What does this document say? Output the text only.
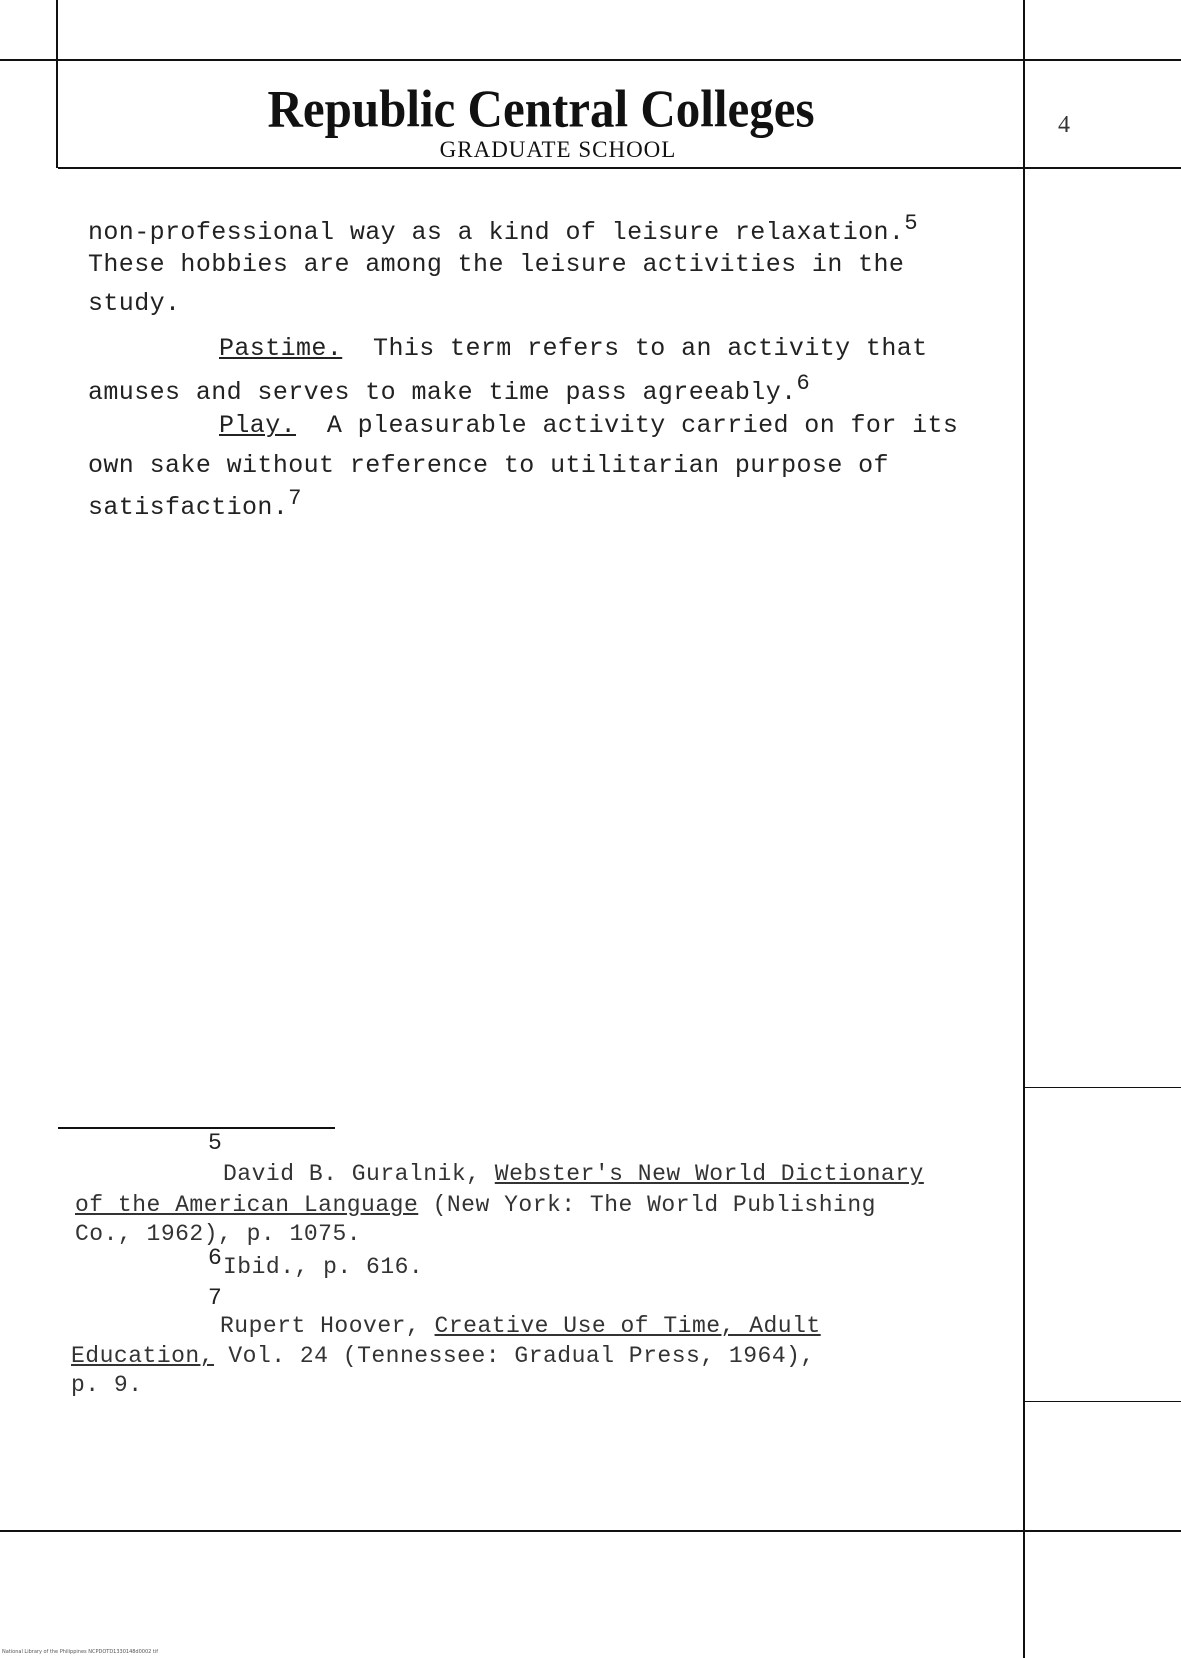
Republic Central Colleges
GRADUATE SCHOOL
4
non-professional way as a kind of leisure relaxation.$^5$
These hobbies are among the leisure activities in the
study.
Pastime. This term refers to an activity that
amuses and serves to make time pass agreeably.$^6$
Play. A pleasurable activity carried on for its
own sake without reference to utilitarian purpose of
satisfaction.$^7$
5
David B. Guralnik, Webster's New World Dictionary
of the American Language (New York: The World Publishing
Co., 1962), p. 1075.
6 Ibid., p. 616.
7
Rupert Hoover, Creative Use of Time, Adult
Education, Vol. 24 (Tennessee: Gradual Press, 1964),
p. 9.
National Library of the Philippines NCPDOTD1330148d0002 tif
